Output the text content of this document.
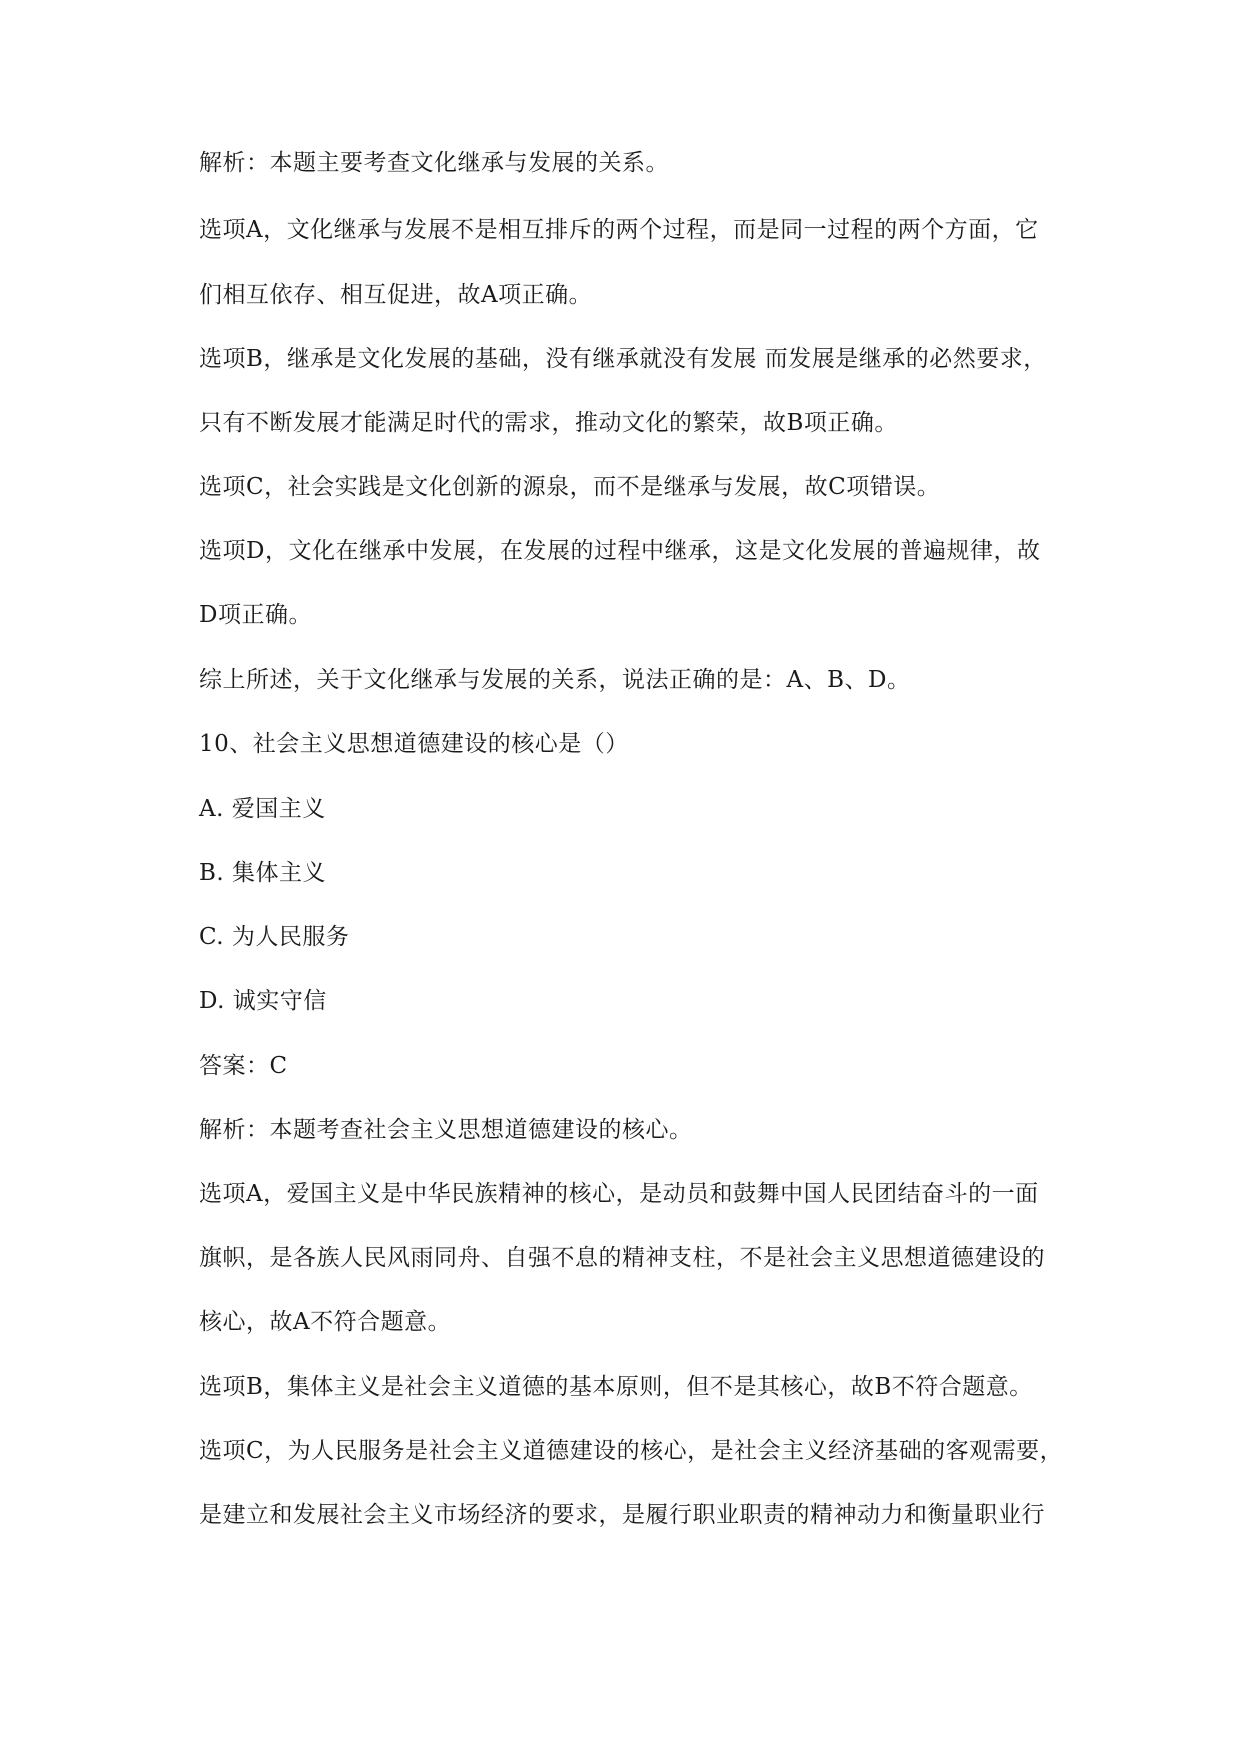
解析：本题主要考查文化继承与发展的关系。

选项A，文化继承与发展不是相互排斥的两个过程，而是同一过程的两个方面，它

们相互依存、相互促进，故A项正确。

选项B，继承是文化发展的基础，没有继承就没有发展 而发展是继承的必然要求，

只有不断发展才能满足时代的需求，推动文化的繁荣，故B项正确。

选项C，社会实践是文化创新的源泉，而不是继承与发展，故C项错误。

选项D，文化在继承中发展，在发展的过程中继承，这是文化发展的普遍规律，故

D项正确。

综上所述，关于文化继承与发展的关系，说法正确的是：A、B、D。

10、社会主义思想道德建设的核心是（）

A. 爱国主义

B. 集体主义

C. 为人民服务

D. 诚实守信

答案：C

解析：本题考查社会主义思想道德建设的核心。

选项A，爱国主义是中华民族精神的核心，是动员和鼓舞中国人民团结奋斗的一面

旗帜，是各族人民风雨同舟、自强不息的精神支柱，不是社会主义思想道德建设的

核心，故A不符合题意。

选项B，集体主义是社会主义道德的基本原则，但不是其核心，故B不符合题意。

选项C，为人民服务是社会主义道德建设的核心，是社会主义经济基础的客观需要，

是建立和发展社会主义市场经济的要求，是履行职业职责的精神动力和衡量职业行
